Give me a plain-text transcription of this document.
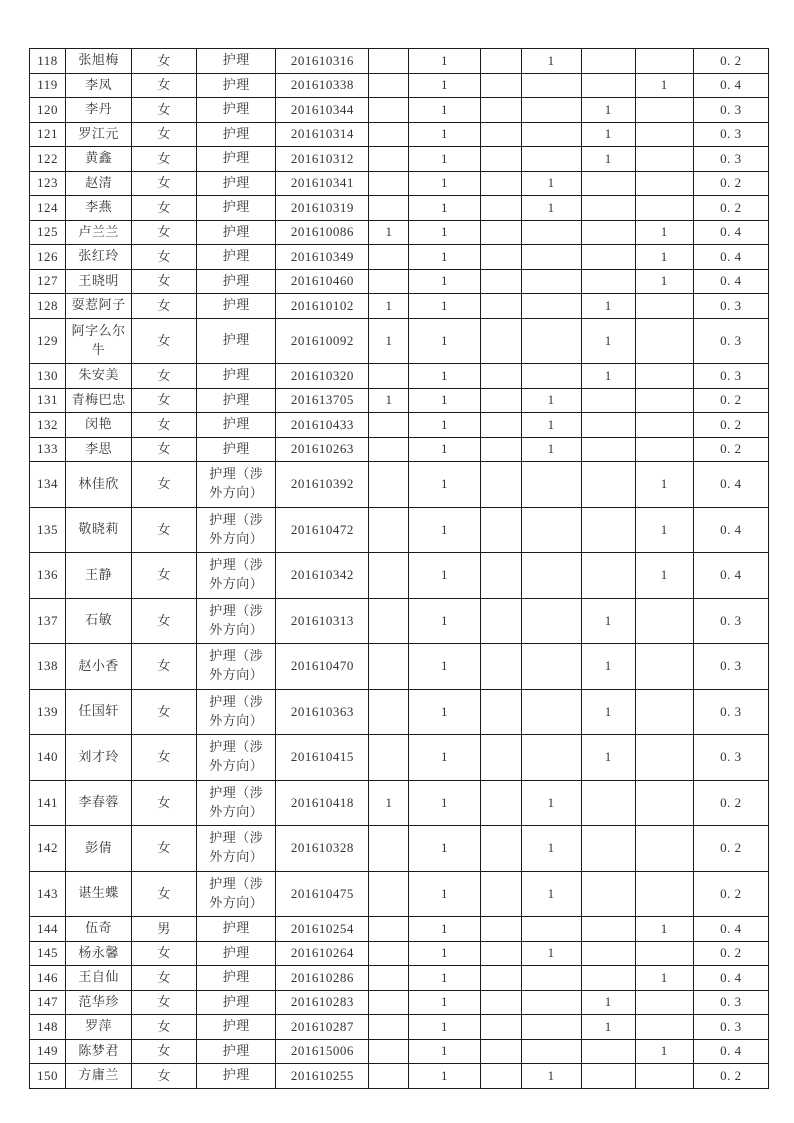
118	张旭梅	女	护理	201610316		1		1			0. 2
119	李凤	女	护理	201610338		1				1	0. 4
120	李丹	女	护理	201610344		1			1		0. 3
121	罗江元	女	护理	201610314		1			1		0. 3
122	黄鑫	女	护理	201610312		1			1		0. 3
123	赵清	女	护理	201610341		1		1			0. 2
124	李燕	女	护理	201610319		1		1			0. 2
125	卢兰兰	女	护理	201610086	1	1				1	0. 4
126	张红玲	女	护理	201610349		1				1	0. 4
127	王晓明	女	护理	201610460		1				1	0. 4
128	耍惹阿子	女	护理	201610102	1	1			1		0. 3
129	阿字么尔牛	女	护理	201610092	1	1			1		0. 3
130	朱安美	女	护理	201610320		1			1		0. 3
131	青梅巴忠	女	护理	201613705	1	1		1			0. 2
132	闵艳	女	护理	201610433		1		1			0. 2
133	李思	女	护理	201610263		1		1			0. 2
134	林佳欣	女	护理（涉外方向）	201610392		1				1	0. 4
135	敬晓莉	女	护理（涉外方向）	201610472		1				1	0. 4
136	王静	女	护理（涉外方向）	201610342		1				1	0. 4
137	石敏	女	护理（涉外方向）	201610313		1			1		0. 3
138	赵小香	女	护理（涉外方向）	201610470		1			1		0. 3
139	任国轩	女	护理（涉外方向）	201610363		1			1		0. 3
140	刘才玲	女	护理（涉外方向）	201610415		1			1		0. 3
141	李春蓉	女	护理（涉外方向）	201610418	1	1		1			0. 2
142	彭倩	女	护理（涉外方向）	201610328		1		1			0. 2
143	谌生蝶	女	护理（涉外方向）	201610475		1		1			0. 2
144	伍奇	男	护理	201610254		1				1	0. 4
145	杨永馨	女	护理	201610264		1		1			0. 2
146	王自仙	女	护理	201610286		1				1	0. 4
147	范华珍	女	护理	201610283		1			1		0. 3
148	罗萍	女	护理	201610287		1			1		0. 3
149	陈梦君	女	护理	201615006		1				1	0. 4
150	方庸兰	女	护理	201610255		1		1			0. 2
